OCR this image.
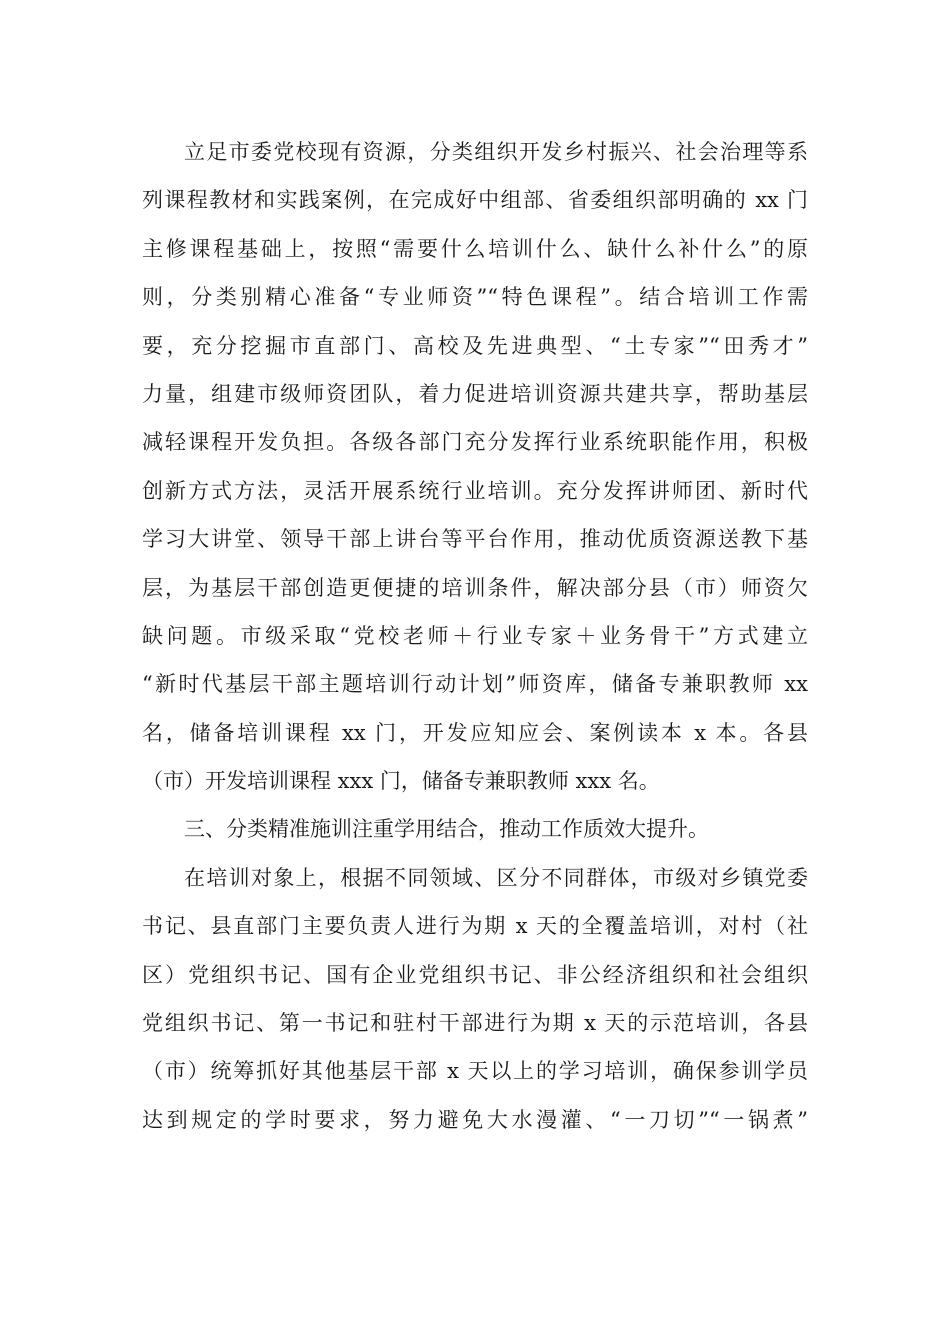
立足市委党校现有资源，分类组织开发乡村振兴、社会治理等系
列课程教材和实践案例，在完成好中组部、省委组织部明确的 xx 门
主修课程基础上，按照“需要什么培训什么、缺什么补什么”的原
则，分类别精心准备“专业师资”“特色课程”。结合培训工作需
要，充分挖掘市直部门、高校及先进典型、“土专家”“田秀才”
力量，组建市级师资团队，着力促进培训资源共建共享，帮助基层
减轻课程开发负担。各级各部门充分发挥行业系统职能作用，积极
创新方式方法，灵活开展系统行业培训。充分发挥讲师团、新时代
学习大讲堂、领导干部上讲台等平台作用，推动优质资源送教下基
层，为基层干部创造更便捷的培训条件，解决部分县（市）师资欠
缺问题。市级采取“党校老师＋行业专家＋业务骨干”方式建立
“新时代基层干部主题培训行动计划”师资库，储备专兼职教师 xx
名，储备培训课程 xx 门，开发应知应会、案例读本 x 本。各县
（市）开发培训课程 xxx 门，储备专兼职教师 xxx 名。
三、分类精准施训注重学用结合，推动工作质效大提升。
在培训对象上，根据不同领域、区分不同群体，市级对乡镇党委
书记、县直部门主要负责人进行为期 x 天的全覆盖培训，对村（社
区）党组织书记、国有企业党组织书记、非公经济组织和社会组织
党组织书记、第一书记和驻村干部进行为期 x 天的示范培训，各县
（市）统筹抓好其他基层干部 x 天以上的学习培训，确保参训学员
达到规定的学时要求，努力避免大水漫灌、“一刀切”“一锅煮”
